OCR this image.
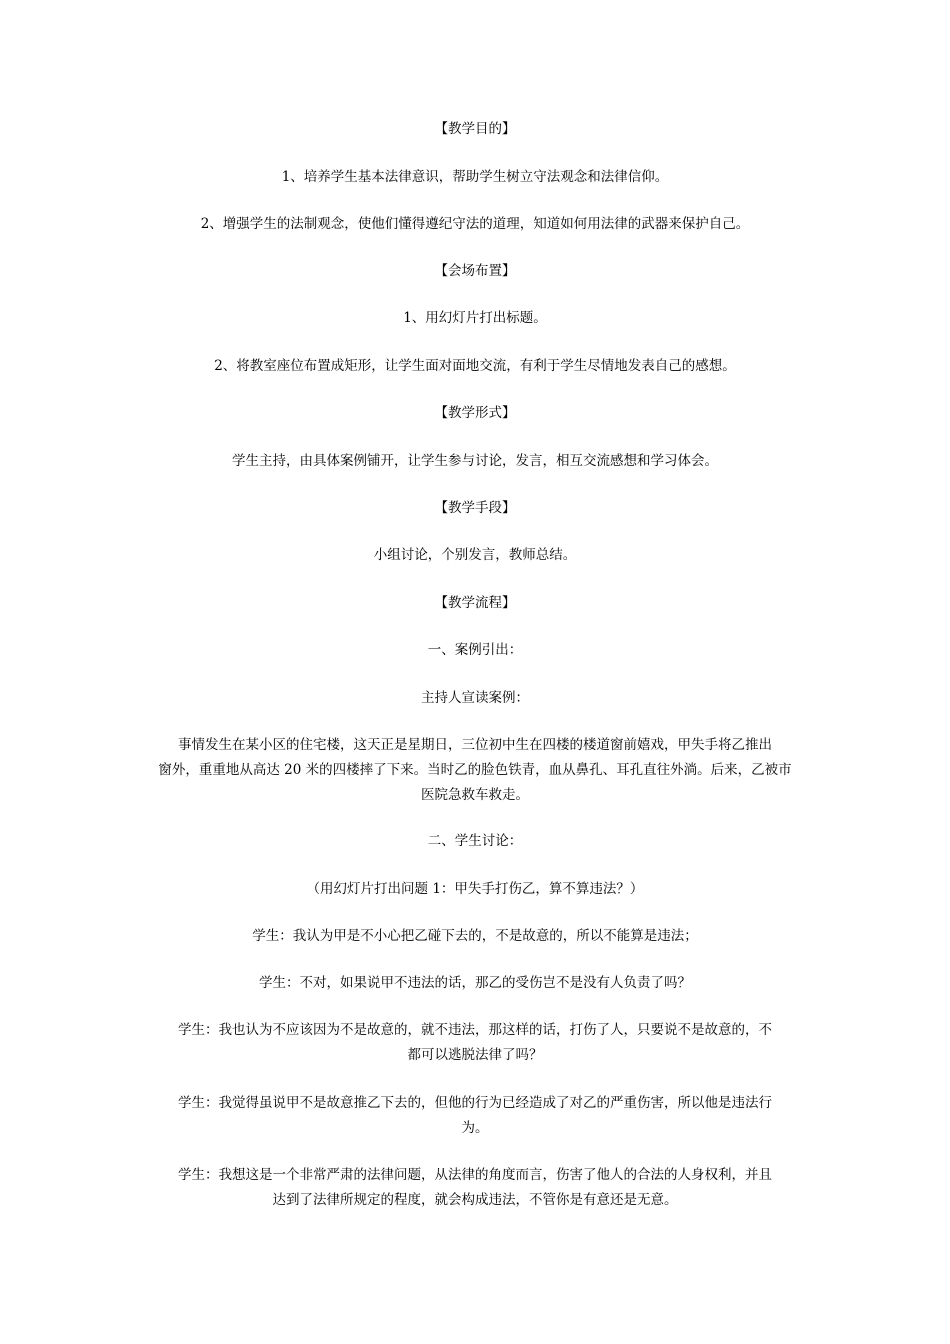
【教学目的】
1、培养学生基本法律意识，帮助学生树立守法观念和法律信仰。
2、增强学生的法制观念，使他们懂得遵纪守法的道理，知道如何用法律的武器来保护自己。
【会场布置】
1、用幻灯片打出标题。
2、将教室座位布置成矩形，让学生面对面地交流，有利于学生尽情地发表自己的感想。
【教学形式】
学生主持，由具体案例铺开，让学生参与讨论，发言，相互交流感想和学习体会。
【教学手段】
小组讨论，个别发言，教师总结。
【教学流程】
一、案例引出：
主持人宣读案例：
事情发生在某小区的住宅楼，这天正是星期日，三位初中生在四楼的楼道窗前嬉戏，甲失手将乙推出
窗外，重重地从高达 20 米的四楼摔了下来。当时乙的脸色铁青，血从鼻孔、耳孔直往外淌。后来，乙被市
医院急救车救走。
二、学生讨论：
（用幻灯片打出问题 1：甲失手打伤乙，算不算违法？）
学生：我认为甲是不小心把乙碰下去的，不是故意的，所以不能算是违法；
学生：不对，如果说甲不违法的话，那乙的受伤岂不是没有人负责了吗？
学生：我也认为不应该因为不是故意的，就不违法，那这样的话，打伤了人，只要说不是故意的，不
都可以逃脱法律了吗？
学生：我觉得虽说甲不是故意推乙下去的，但他的行为已经造成了对乙的严重伤害，所以他是违法行
为。
学生：我想这是一个非常严肃的法律问题，从法律的角度而言，伤害了他人的合法的人身权利，并且
达到了法律所规定的程度，就会构成违法，不管你是有意还是无意。
